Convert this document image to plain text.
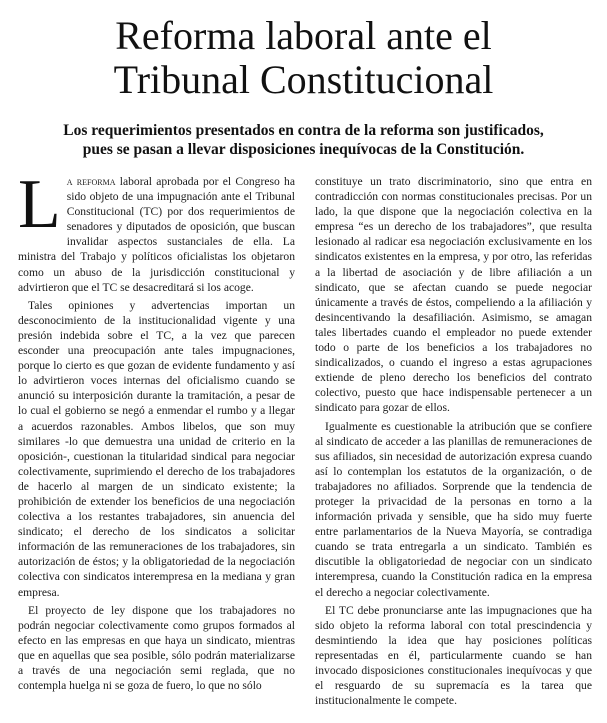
Reforma laboral ante el
Tribunal Constitucional
Los requerimientos presentados en contra de la reforma son justificados,
pues se pasan a llevar disposiciones inequívocas de la Constitución.

La reforma laboral aprobada por el Congreso ha sido objeto de una impugnación ante el Tribunal Constitucional (TC) por dos requerimientos de senadores y diputados de oposición, que buscan invalidar aspectos sustanciales de ella. La ministra del Trabajo y políticos oficialistas los objetaron como un abuso de la jurisdicción constitucional y advirtieron que el TC se desacreditará si los acoge.

Tales opiniones y advertencias importan un desconocimiento de la institucionalidad vigente y una presión indebida sobre el TC, a la vez que parecen esconder una preocupación ante tales impugnaciones, porque lo cierto es que gozan de evidente fundamento y así lo advirtieron voces internas del oficialismo cuando se anunció su interposición durante la tramitación, a pesar de lo cual el gobierno se negó a enmendar el rumbo y a llegar a acuerdos razonables. Ambos libelos, que son muy similares -lo que demuestra una unidad de criterio en la oposición-, cuestionan la titularidad sindical para negociar colectivamente, suprimiendo el derecho de los trabajadores de hacerlo al margen de un sindicato existente; la prohibición de extender los beneficios de una negociación colectiva a los restantes trabajadores, sin anuencia del sindicato; el derecho de los sindicatos a solicitar información de las remuneraciones de los trabajadores, sin autorización de éstos; y la obligatoriedad de la negociación colectiva con sindicatos interempresa en la mediana y gran empresa.

El proyecto de ley dispone que los trabajadores no podrán negociar colectivamente como grupos formados al efecto en las empresas en que haya un sindicato, mientras que en aquellas que sea posible, sólo podrán materializarse a través de una negociación semi reglada, que no contempla huelga ni se goza de fuero, lo que no sólo

constituye un trato discriminatorio, sino que entra en contradicción con normas constitucionales precisas. Por un lado, la que dispone que la negociación colectiva en la empresa “es un derecho de los trabajadores”, que resulta lesionado al radicar esa negociación exclusivamente en los sindicatos existentes en la empresa, y por otro, las referidas a la libertad de asociación y de libre afiliación a un sindicato, que se afectan cuando se puede negociar únicamente a través de éstos, compeliendo a la afiliación y desincentivando la desafiliación. Asimismo, se amagan tales libertades cuando el empleador no puede extender todo o parte de los beneficios a los trabajadores no sindicalizados, o cuando el ingreso a estas agrupaciones extiende de pleno derecho los beneficios del contrato colectivo, puesto que hace indispensable pertenecer a un sindicato para gozar de ellos.

Igualmente es cuestionable la atribución que se confiere al sindicato de acceder a las planillas de remuneraciones de sus afiliados, sin necesidad de autorización expresa cuando así lo contemplan los estatutos de la organización, o de trabajadores no afiliados. Sorprende que la tendencia de proteger la privacidad de la personas en torno a la información privada y sensible, que ha sido muy fuerte entre parlamentarios de la Nueva Mayoría, se contradiga cuando se trata entregarla a un sindicato. También es discutible la obligatoriedad de negociar con un sindicato interempresa, cuando la Constitución radica en la empresa el derecho a negociar colectivamente.

El TC debe pronunciarse ante las impugnaciones que ha sido objeto la reforma laboral con total prescindencia y desmintiendo la idea que hay posiciones políticas representadas en él, particularmente cuando se han invocado disposiciones constitucionales inequívocas y que el resguardo de su supremacía es la tarea que institucionalmente le compete.
